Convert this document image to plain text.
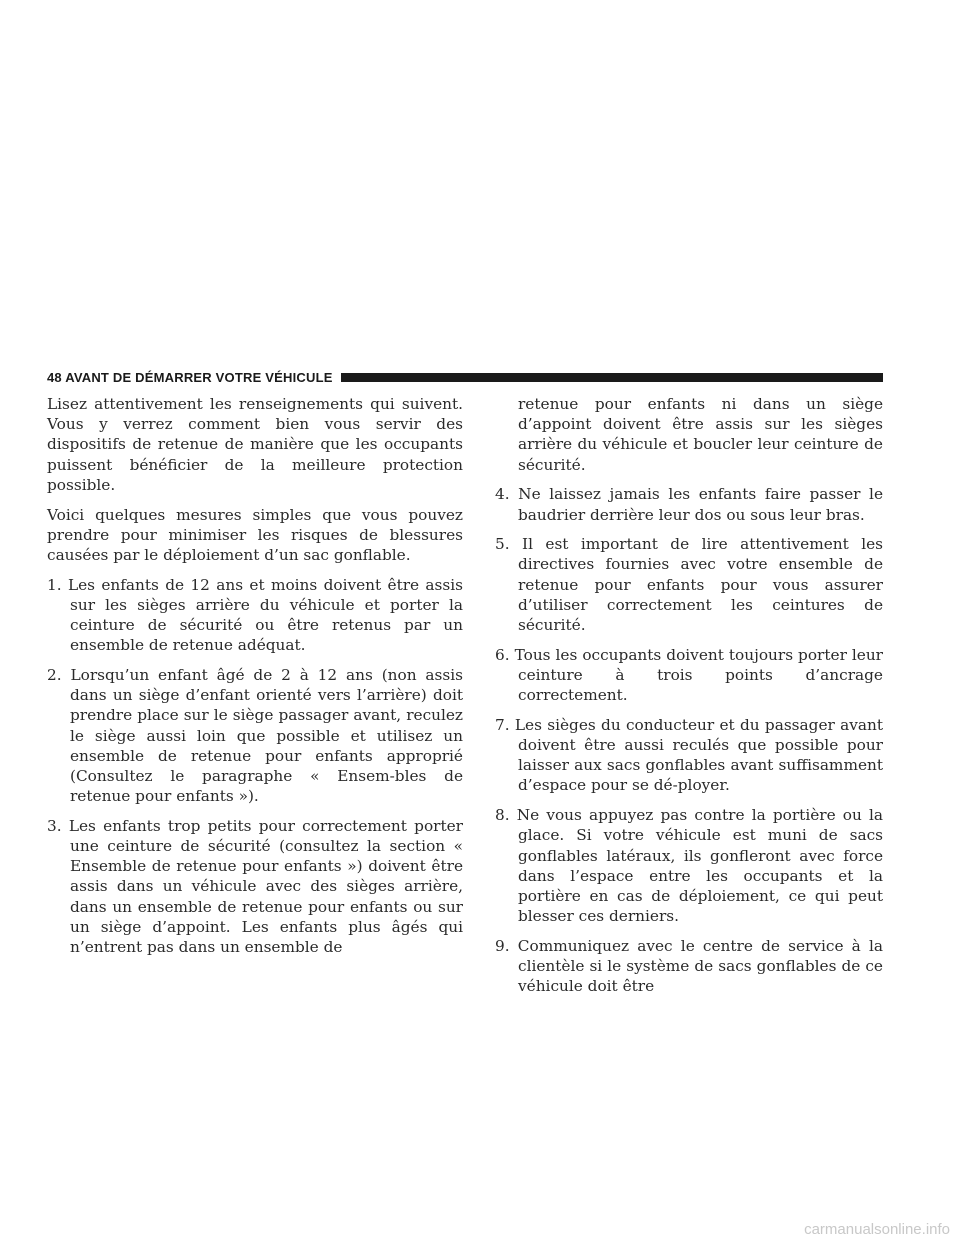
48 AVANT DE DÉMARRER VOTRE VÉHICULE

Lisez attentivement les renseignements qui suivent. Vous y verrez comment bien vous servir des dispositifs de retenue de manière que les occupants puissent bénéficier de la meilleure protection possible.

Voici quelques mesures simples que vous pouvez prendre pour minimiser les risques de blessures causées par le déploiement d’un sac gonflable.

1. Les enfants de 12 ans et moins doivent être assis sur les sièges arrière du véhicule et porter la ceinture de sécurité ou être retenus par un ensemble de retenue adéquat.

2. Lorsqu’un enfant âgé de 2 à 12 ans (non assis dans un siège d’enfant orienté vers l’arrière) doit prendre place sur le siège passager avant, reculez le siège aussi loin que possible et utilisez un ensemble de retenue pour enfants approprié (Consultez le paragraphe « Ensem-bles de retenue pour enfants »).

3. Les enfants trop petits pour correctement porter une ceinture de sécurité (consultez la section « Ensemble de retenue pour enfants ») doivent être assis dans un véhicule avec des sièges arrière, dans un ensemble de retenue pour enfants ou sur un siège d’appoint. Les enfants plus âgés qui n’entrent pas dans un ensemble de

retenue pour enfants ni dans un siège d’appoint doivent être assis sur les sièges arrière du véhicule et boucler leur ceinture de sécurité.

4. Ne laissez jamais les enfants faire passer le baudrier derrière leur dos ou sous leur bras.

5. Il est important de lire attentivement les directives fournies avec votre ensemble de retenue pour enfants pour vous assurer d’utiliser correctement les ceintures de sécurité.

6. Tous les occupants doivent toujours porter leur ceinture à trois points d’ancrage correctement.

7. Les sièges du conducteur et du passager avant doivent être aussi reculés que possible pour laisser aux sacs gonflables avant suffisamment d’espace pour se dé-ployer.

8. Ne vous appuyez pas contre la portière ou la glace. Si votre véhicule est muni de sacs gonflables latéraux, ils gonfleront avec force dans l’espace entre les occupants et la portière en cas de déploiement, ce qui peut blesser ces derniers.

9. Communiquez avec le centre de service à la clientèle si le système de sacs gonflables de ce véhicule doit être

carmanualsonline.info
